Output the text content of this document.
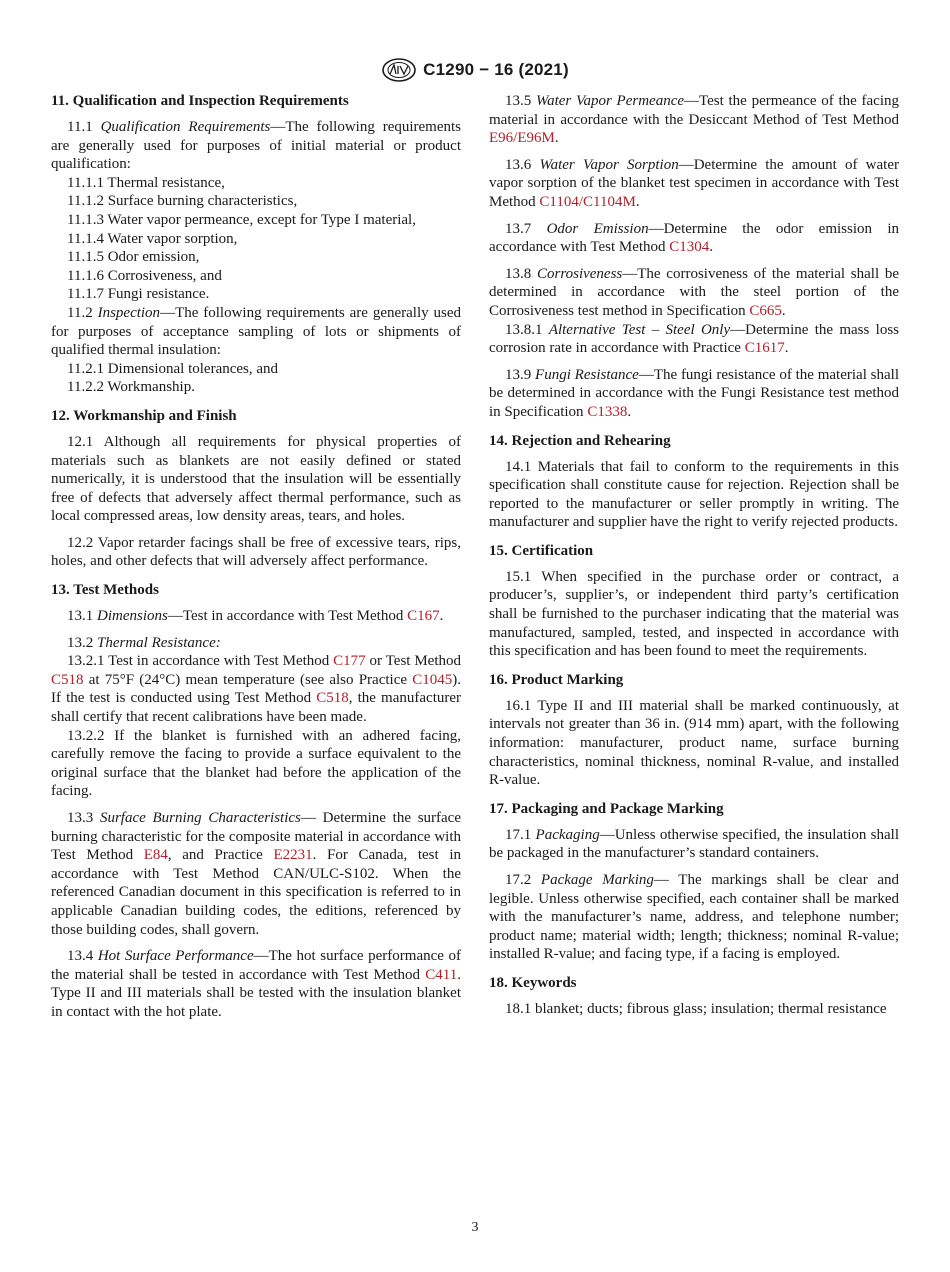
C1290 − 16 (2021)
11. Qualification and Inspection Requirements

11.1 Qualification Requirements—The following requirements are generally used for purposes of initial material or product qualification:

11.1.1 Thermal resistance,

11.1.2 Surface burning characteristics,

11.1.3 Water vapor permeance, except for Type I material,

11.1.4 Water vapor sorption,

11.1.5 Odor emission,

11.1.6 Corrosiveness, and

11.1.7 Fungi resistance.

11.2 Inspection—The following requirements are generally used for purposes of acceptance sampling of lots or shipments of qualified thermal insulation:

11.2.1 Dimensional tolerances, and

11.2.2 Workmanship.

12. Workmanship and Finish

12.1 Although all requirements for physical properties of materials such as blankets are not easily defined or stated numerically, it is understood that the insulation will be essentially free of defects that adversely affect thermal performance, such as local compressed areas, low density areas, tears, and holes.

12.2 Vapor retarder facings shall be free of excessive tears, rips, holes, and other defects that will adversely affect performance.

13. Test Methods

13.1 Dimensions—Test in accordance with Test Method C167.

13.2 Thermal Resistance:

13.2.1 Test in accordance with Test Method C177 or Test Method C518 at 75°F (24°C) mean temperature (see also Practice C1045). If the test is conducted using Test Method C518, the manufacturer shall certify that recent calibrations have been made.

13.2.2 If the blanket is furnished with an adhered facing, carefully remove the facing to provide a surface equivalent to the original surface that the blanket had before the application of the facing.

13.3 Surface Burning Characteristics— Determine the surface burning characteristic for the composite material in accordance with Test Method E84, and Practice E2231. For Canada, test in accordance with Test Method CAN/ULC-S102. When the referenced Canadian document in this specification is referred to in applicable Canadian building codes, the editions, referenced by those building codes, shall govern.

13.4 Hot Surface Performance—The hot surface performance of the material shall be tested in accordance with Test Method C411. Type II and III materials shall be tested with the insulation blanket in contact with the hot plate.

13.5 Water Vapor Permeance—Test the permeance of the facing material in accordance with the Desiccant Method of Test Method E96/E96M.

13.6 Water Vapor Sorption—Determine the amount of water vapor sorption of the blanket test specimen in accordance with Test Method C1104/C1104M.

13.7 Odor Emission—Determine the odor emission in accordance with Test Method C1304.

13.8 Corrosiveness—The corrosiveness of the material shall be determined in accordance with the steel portion of the Corrosiveness test method in Specification C665.

13.8.1 Alternative Test – Steel Only—Determine the mass loss corrosion rate in accordance with Practice C1617.

13.9 Fungi Resistance—The fungi resistance of the material shall be determined in accordance with the Fungi Resistance test method in Specification C1338.

14. Rejection and Rehearing

14.1 Materials that fail to conform to the requirements in this specification shall constitute cause for rejection. Rejection shall be reported to the manufacturer or seller promptly in writing. The manufacturer and supplier have the right to verify rejected products.

15. Certification

15.1 When specified in the purchase order or contract, a producer’s, supplier’s, or independent third party’s certification shall be furnished to the purchaser indicating that the material was manufactured, sampled, tested, and inspected in accordance with this specification and has been found to meet the requirements.

16. Product Marking

16.1 Type II and III material shall be marked continuously, at intervals not greater than 36 in. (914 mm) apart, with the following information: manufacturer, product name, surface burning characteristics, nominal thickness, nominal R-value, and installed R-value.

17. Packaging and Package Marking

17.1 Packaging—Unless otherwise specified, the insulation shall be packaged in the manufacturer’s standard containers.

17.2 Package Marking— The markings shall be clear and legible. Unless otherwise specified, each container shall be marked with the manufacturer’s name, address, and telephone number; product name; material width; length; thickness; nominal R-value; installed R-value; and facing type, if a facing is employed.

18. Keywords

18.1 blanket; ducts; fibrous glass; insulation; thermal resistance

3
